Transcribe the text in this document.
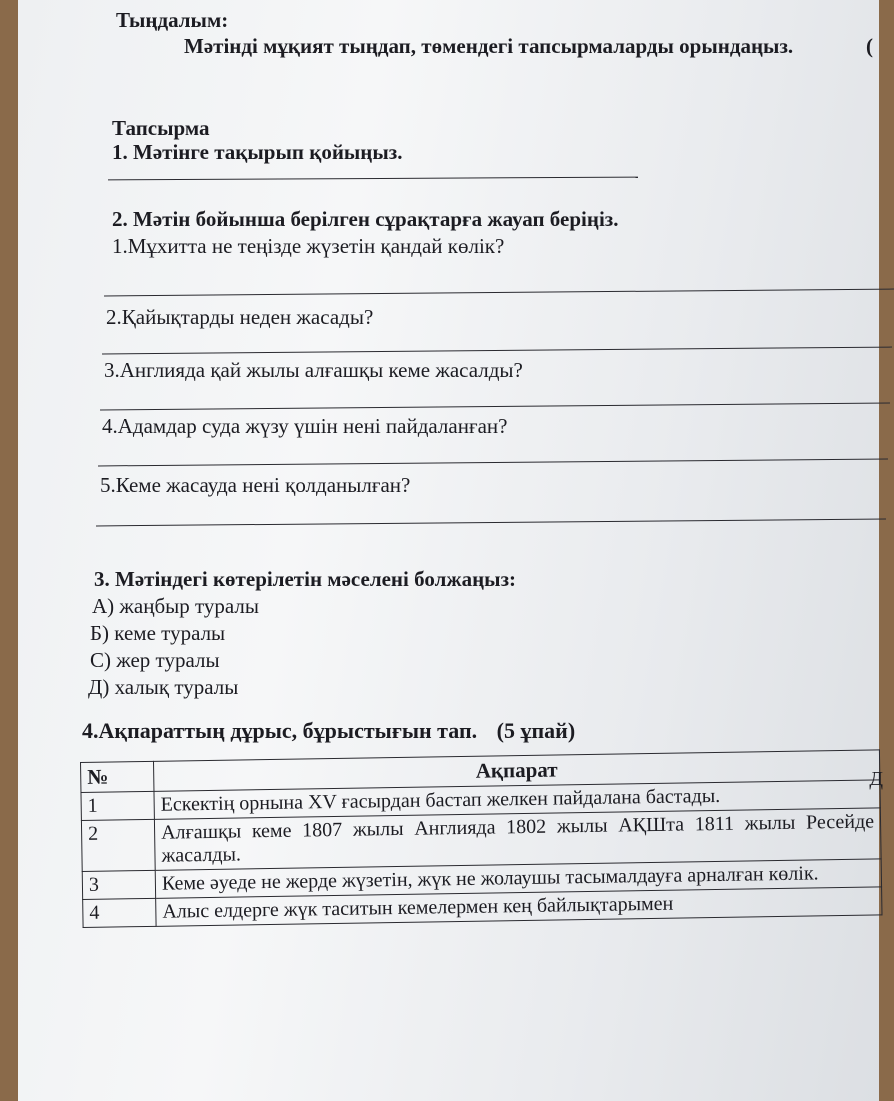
Тыңдалым:
Мәтінді мұқият тыңдап, төмендегі тапсырмаларды орындаңыз.	(
Тапсырма
1. Мәтінге тақырып қойыңыз.
2. Мәтін бойынша берілген сұрақтарға жауап беріңіз.
1.Мұхитта не теңізде жүзетін қандай көлік?
2.Қайықтарды неден жасады?
3.Англияда қай жылы алғашқы кеме жасалды?
4.Адамдар суда жүзу үшін нені пайдаланған?
5.Кеме жасауда нені қолданылған?
3. Мәтіндегі көтерілетін мәселені болжаңыз:
А) жаңбыр туралы
Б) кеме туралы
С) жер туралы
Д) халық туралы
4.Ақпараттың дұрыс, бұрыстығын тап. (5 ұпай)
№	Ақпарат
1	Ескектің орнына XV ғасырдан бастап желкен пайдалана бастады.
2	Алғашқы кеме 1807 жылы Англияда 1802 жылы АҚШта 1811 жылы Ресейде жасалды.
3	Кеме әуеде не жерде жүзетін, жүк не жолаушы тасымалдауға арналған көлік.
4	Алыс елдерге жүк таситын кемелермен кең байлықтарымен
Д
